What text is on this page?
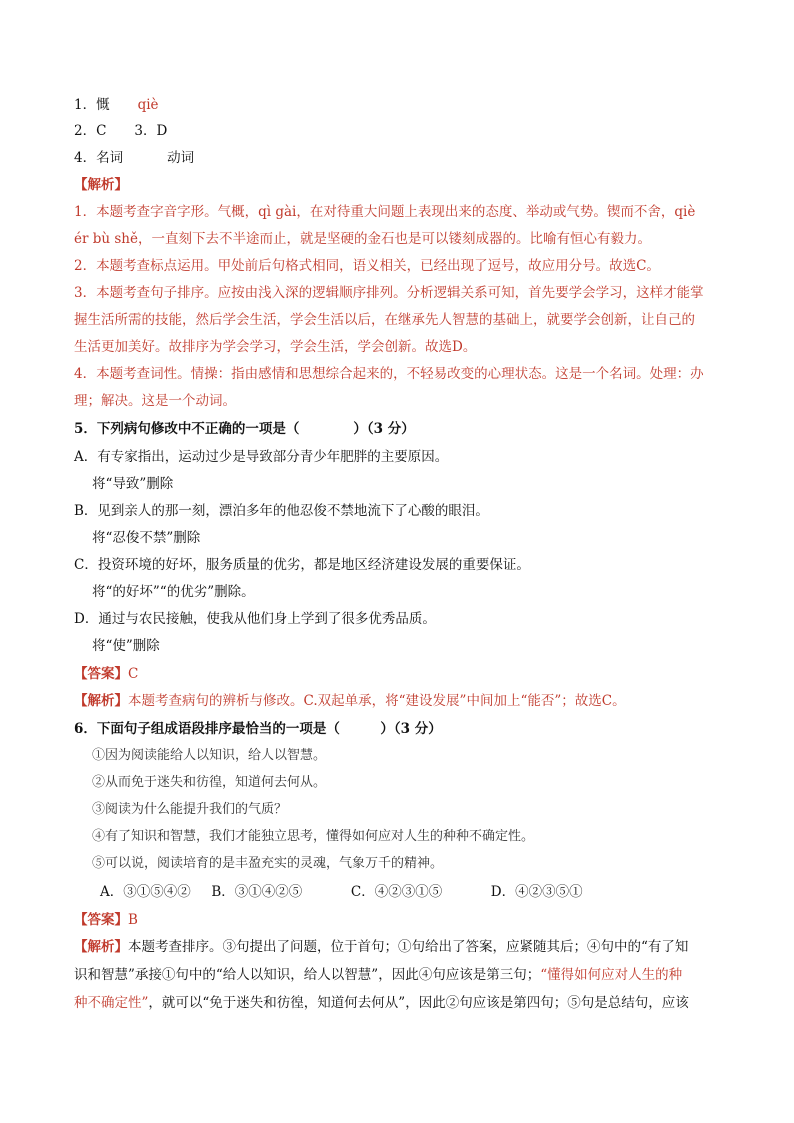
1．慨 qiè
2．C 3．D
4．名词	动词
【解析】
1．本题考查字音字形。气概，qì gài，在对待重大问题上表现出来的态度、举动或气势。锲而不舍，qiè
ér bù shě，一直刻下去不半途而止，就是坚硬的金石也是可以镂刻成器的。比喻有恒心有毅力。
2．本题考查标点运用。甲处前后句格式相同，语义相关，已经出现了逗号，故应用分号。故选C。
3．本题考查句子排序。应按由浅入深的逻辑顺序排列。分析逻辑关系可知，首先要学会学习，这样才能掌
握生活所需的技能，然后学会生活，学会生活以后，在继承先人智慧的基础上，就要学会创新，让自己的
生活更加美好。故排序为学会学习，学会生活，学会创新。故选D。
4．本题考查词性。情操：指由感情和思想综合起来的，不轻易改变的心理状态。这是一个名词。处理：办
理；解决。这是一个动词。
5．下列病句修改中不正确的一项是（　　　　）（3 分）
A．有专家指出，运动过少是导致部分青少年肥胖的主要原因。
将“导致”删除
B．见到亲人的那一刻，漂泊多年的他忍俊不禁地流下了心酸的眼泪。
将“忍俊不禁”删除
C．投资环境的好坏，服务质量的优劣，都是地区经济建设发展的重要保证。
将“的好坏”“的优劣”删除。
D．通过与农民接触，使我从他们身上学到了很多优秀品质。
将“使”删除
【答案】C
【解析】本题考查病句的辨析与修改。C.双起单承，将“建设发展”中间加上“能否”；故选C。
6．下面句子组成语段排序最恰当的一项是（　　　）（3 分）
①因为阅读能给人以知识，给人以智慧。
②从而免于迷失和彷徨，知道何去何从。
③阅读为什么能提升我们的气质？
④有了知识和智慧，我们才能独立思考，懂得如何应对人生的种种不确定性。
⑤可以说，阅读培育的是丰盈充实的灵魂，气象万千的精神。
A．③①⑤④② B．③①④②⑤	C．④②③①⑤	D．④②③⑤①
【答案】B
【解析】本题考查排序。③句提出了问题，位于首句；①句给出了答案，应紧随其后；④句中的“有了知
识和智慧”承接①句中的“给人以知识，给人以智慧”，因此④句应该是第三句；“懂得如何应对人生的种
种不确定性”，就可以“免于迷失和彷徨，知道何去何从”，因此②句应该是第四句；⑤句是总结句，应该
